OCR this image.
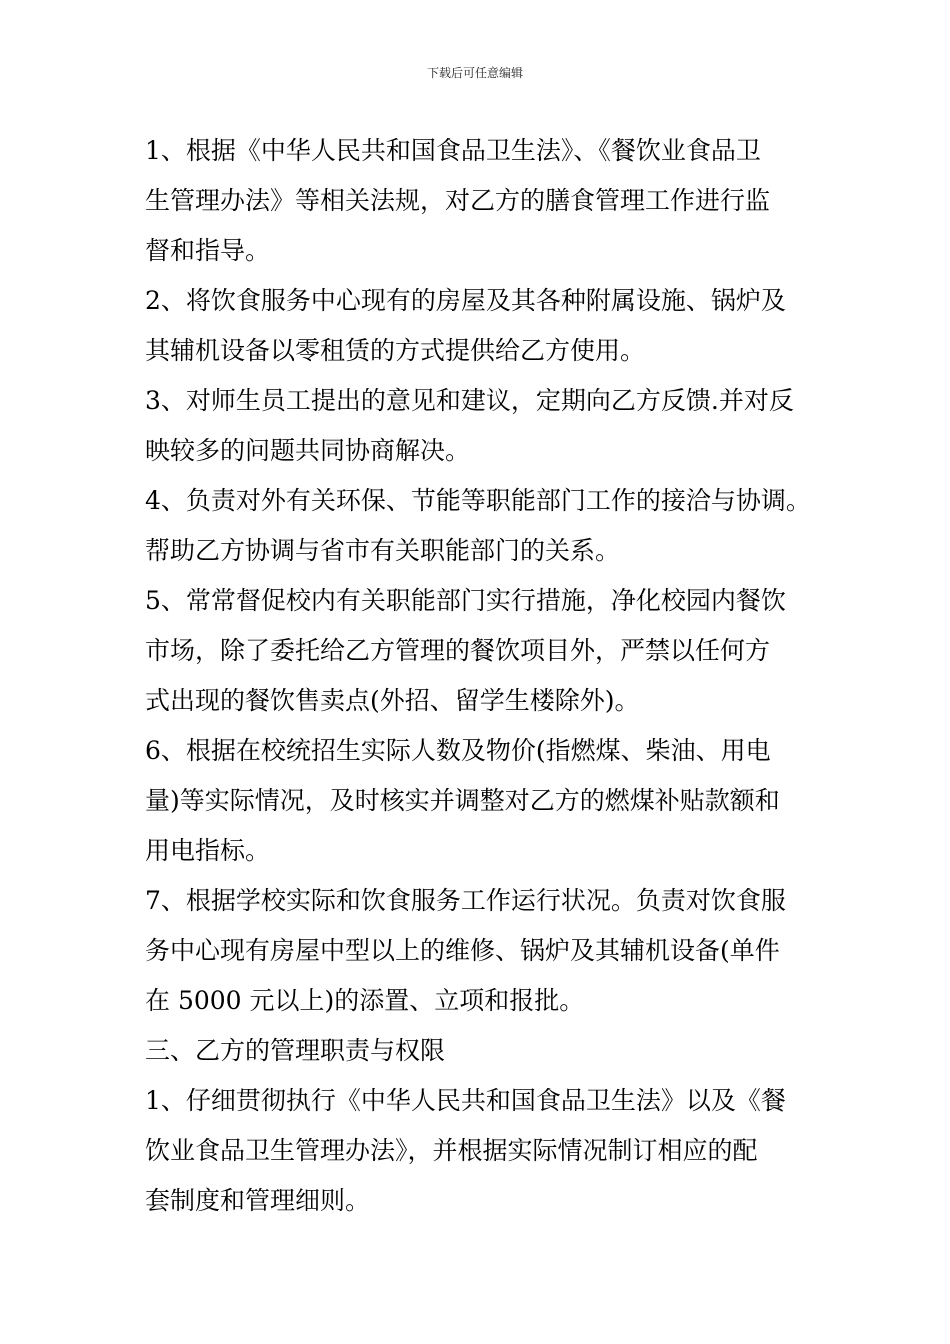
下载后可任意编辑
1、根据《中华人民共和国食品卫生法》、《餐饮业食品卫
生管理办法》等相关法规，对乙方的膳食管理工作进行监
督和指导。
2、将饮食服务中心现有的房屋及其各种附属设施、锅炉及
其辅机设备以零租赁的方式提供给乙方使用。
3、对师生员工提出的意见和建议，定期向乙方反馈.并对反
映较多的问题共同协商解决。
4、负责对外有关环保、节能等职能部门工作的接洽与协调。
帮助乙方协调与省市有关职能部门的关系。
5、常常督促校内有关职能部门实行措施，净化校园内餐饮
市场，除了委托给乙方管理的餐饮项目外，严禁以任何方
式出现的餐饮售卖点(外招、留学生楼除外)。
6、根据在校统招生实际人数及物价(指燃煤、柴油、用电
量)等实际情况，及时核实并调整对乙方的燃煤补贴款额和
用电指标。
7、根据学校实际和饮食服务工作运行状况。负责对饮食服
务中心现有房屋中型以上的维修、锅炉及其辅机设备(单件
在 5000 元以上)的添置、立项和报批。
三、乙方的管理职责与权限
1、仔细贯彻执行《中华人民共和国食品卫生法》以及《餐
饮业食品卫生管理办法》，并根据实际情况制订相应的配
套制度和管理细则。
